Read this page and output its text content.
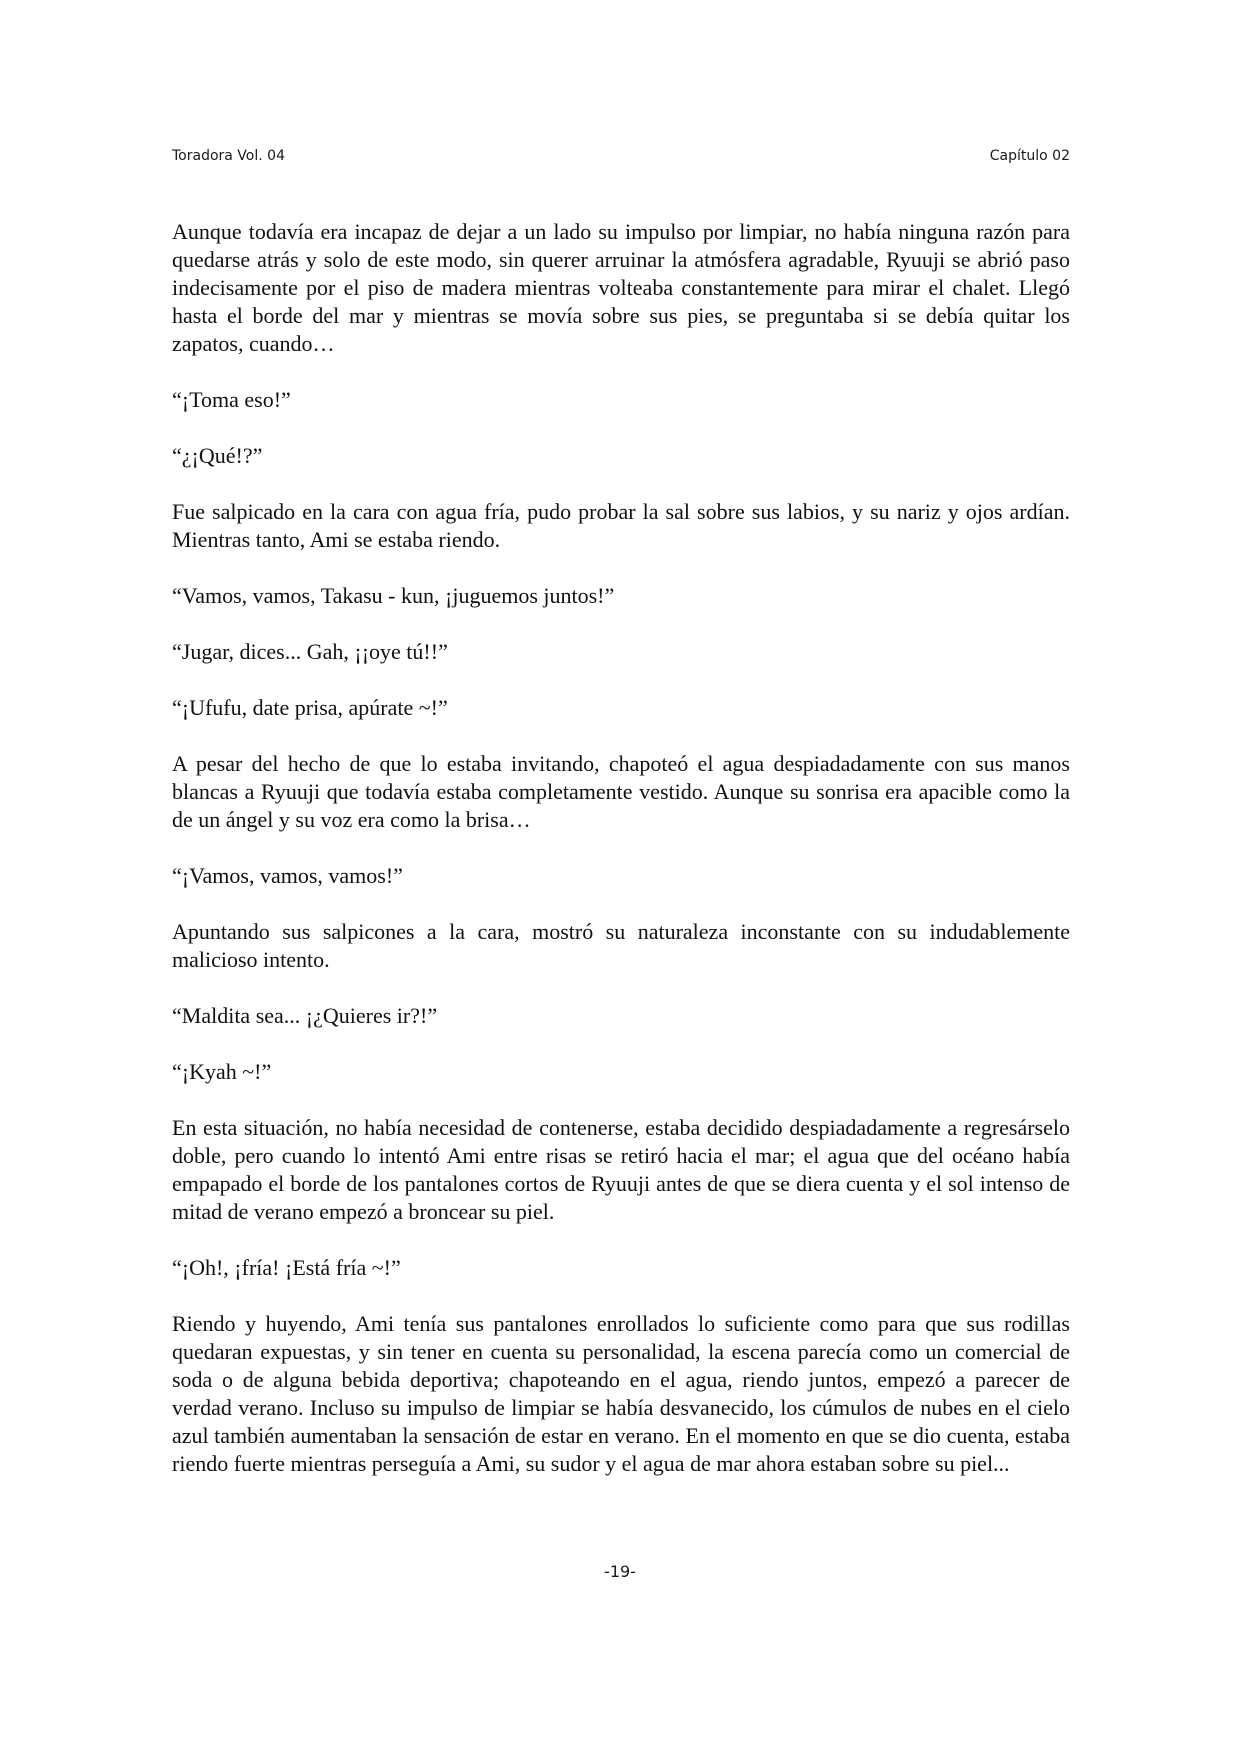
Toradora Vol. 04	Capítulo 02

Aunque todavía era incapaz de dejar a un lado su impulso por limpiar, no había ninguna razón para quedarse atrás y solo de este modo, sin querer arruinar la atmósfera agradable, Ryuuji se abrió paso indecisamente por el piso de madera mientras volteaba constantemente para mirar el chalet. Llegó hasta el borde del mar y mientras se movía sobre sus pies, se preguntaba si se debía quitar los zapatos, cuando…

“¡Toma eso!”

“¿¡Qué!?”

Fue salpicado en la cara con agua fría, pudo probar la sal sobre sus labios, y su nariz y ojos ardían. Mientras tanto, Ami se estaba riendo.

“Vamos, vamos, Takasu - kun, ¡juguemos juntos!”

“Jugar, dices... Gah, ¡¡oye tú!!”

“¡Ufufu, date prisa, apúrate ~!”

A pesar del hecho de que lo estaba invitando, chapoteó el agua despiadadamente con sus manos blancas a Ryuuji que todavía estaba completamente vestido. Aunque su sonrisa era apacible como la de un ángel y su voz era como la brisa…

“¡Vamos, vamos, vamos!”

Apuntando sus salpicones a la cara, mostró su naturaleza inconstante con su indudablemente malicioso intento.

“Maldita sea... ¡¿Quieres ir?!”

“¡Kyah ~!”

En esta situación, no había necesidad de contenerse, estaba decidido despiadadamente a regresárselo doble, pero cuando lo intentó Ami entre risas se retiró hacia el mar; el agua que del océano había empapado el borde de los pantalones cortos de Ryuuji antes de que se diera cuenta y el sol intenso de mitad de verano empezó a broncear su piel.

“¡Oh!, ¡fría! ¡Está fría ~!”

Riendo y huyendo, Ami tenía sus pantalones enrollados lo suficiente como para que sus rodillas quedaran expuestas, y sin tener en cuenta su personalidad, la escena parecía como un comercial de soda o de alguna bebida deportiva; chapoteando en el agua, riendo juntos, empezó a parecer de verdad verano. Incluso su impulso de limpiar se había desvanecido, los cúmulos de nubes en el cielo azul también aumentaban la sensación de estar en verano. En el momento en que se dio cuenta, estaba riendo fuerte mientras perseguía a Ami, su sudor y el agua de mar ahora estaban sobre su piel...

-19-
